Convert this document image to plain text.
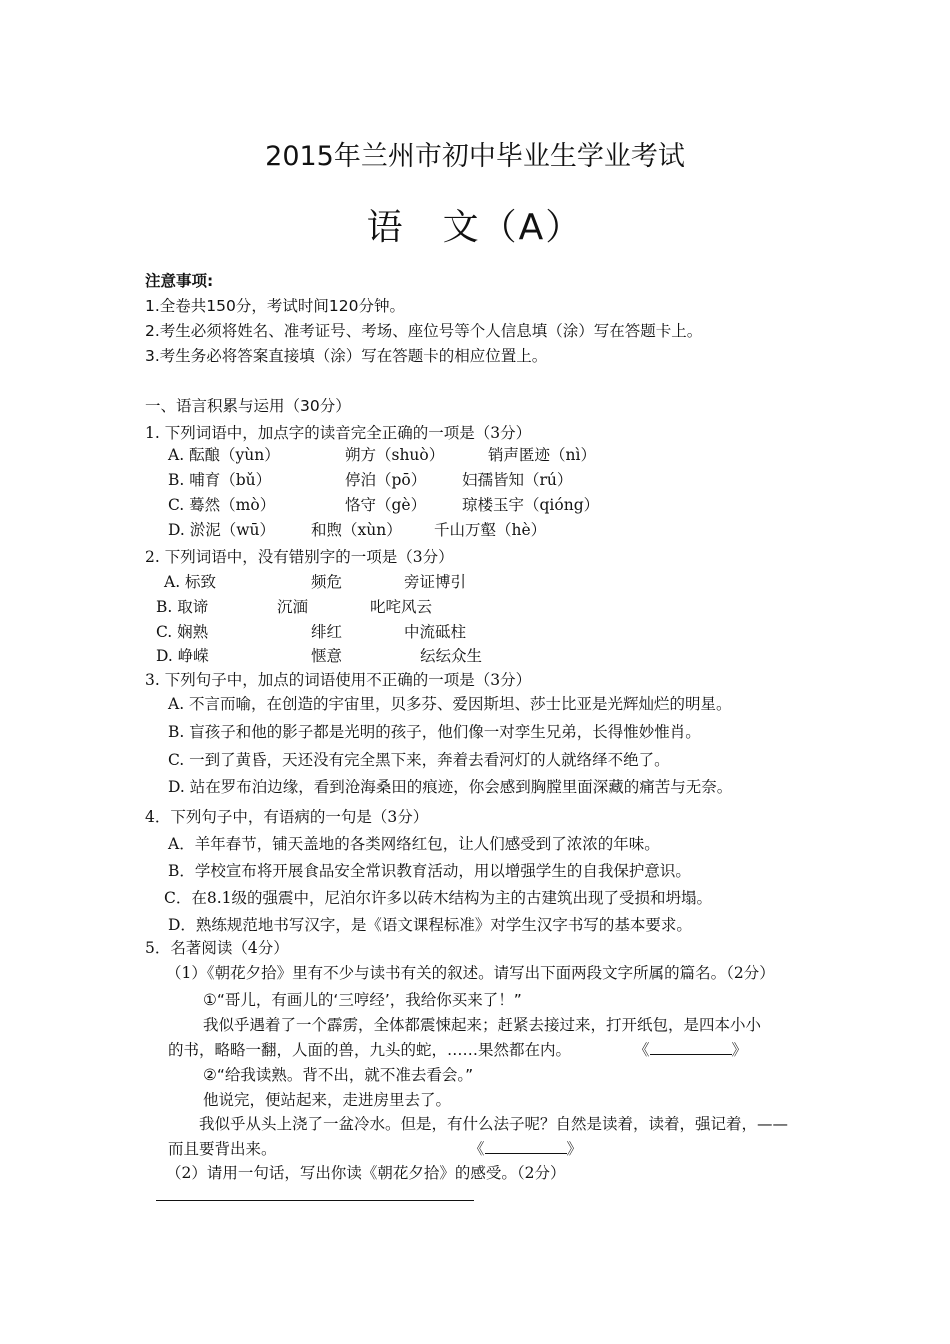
2015年兰州市初中毕业生学业考试
语　文（A）
注意事项:
1.全卷共150分，考试时间120分钟。
2.考生必须将姓名、准考证号、考场、座位号等个人信息填（涂）写在答题卡上。
3.考生务必将答案直接填（涂）写在答题卡的相应位置上。
一、语言积累与运用（30分）
1. 下列词语中，加点字的读音完全正确的一项是（3分）
A. 酝酿（yùn）	朔方（shuò）	销声匿迹（nì）
B. 哺育（bǔ）	停泊（pō） 妇孺皆知（rú）
C. 蓦然（mò）	恪守（gè） 琼楼玉宇（qióng）
D. 淤泥（wū） 和煦（xùn） 千山万壑（hè）
2. 下列词语中，没有错别字的一项是（3分）
A. 标致	频危	旁证博引
B. 取谛	沉湎	叱咤风云
C. 娴熟	绯红	中流砥柱
D. 峥嵘	惬意	纭纭众生
3. 下列句子中，加点的词语使用不正确的一项是（3分）
A. 不言而喻，在创造的宇宙里，贝多芬、爱因斯坦、莎士比亚是光辉灿烂的明星。
B. 盲孩子和他的影子都是光明的孩子，他们像一对孪生兄弟，长得惟妙惟肖。
C. 一到了黄昏，天还没有完全黑下来，奔着去看河灯的人就络绎不绝了。
D. 站在罗布泊边缘，看到沧海桑田的痕迹，你会感到胸膛里面深藏的痛苦与无奈。
4．下列句子中，有语病的一句是（3分）
A．羊年春节，铺天盖地的各类网络红包，让人们感受到了浓浓的年味。
B．学校宣布将开展食品安全常识教育活动，用以增强学生的自我保护意识。
C．在8.1级的强震中，尼泊尔许多以砖木结构为主的古建筑出现了受损和坍塌。
D．熟练规范地书写汉字，是《语文课程标准》对学生汉字书写的基本要求。
5．名著阅读（4分）
（1）《朝花夕拾》里有不少与读书有关的叙述。请写出下面两段文字所属的篇名。（2分）
①“哥儿，有画儿的‘三哼经’，我给你买来了！”
我似乎遇着了一个霹雳，全体都震悚起来；赶紧去接过来，打开纸包，是四本小小
的书，略略一翻，人面的兽，九头的蛇，……果然都在内。	《	》
②“给我读熟。背不出，就不准去看会。”
他说完，便站起来，走进房里去了。
我似乎从头上浇了一盆冷水。但是，有什么法子呢？自然是读着，读着，强记着，——
而且要背出来。	《	》
（2）请用一句话，写出你读《朝花夕拾》的感受。（2分）
